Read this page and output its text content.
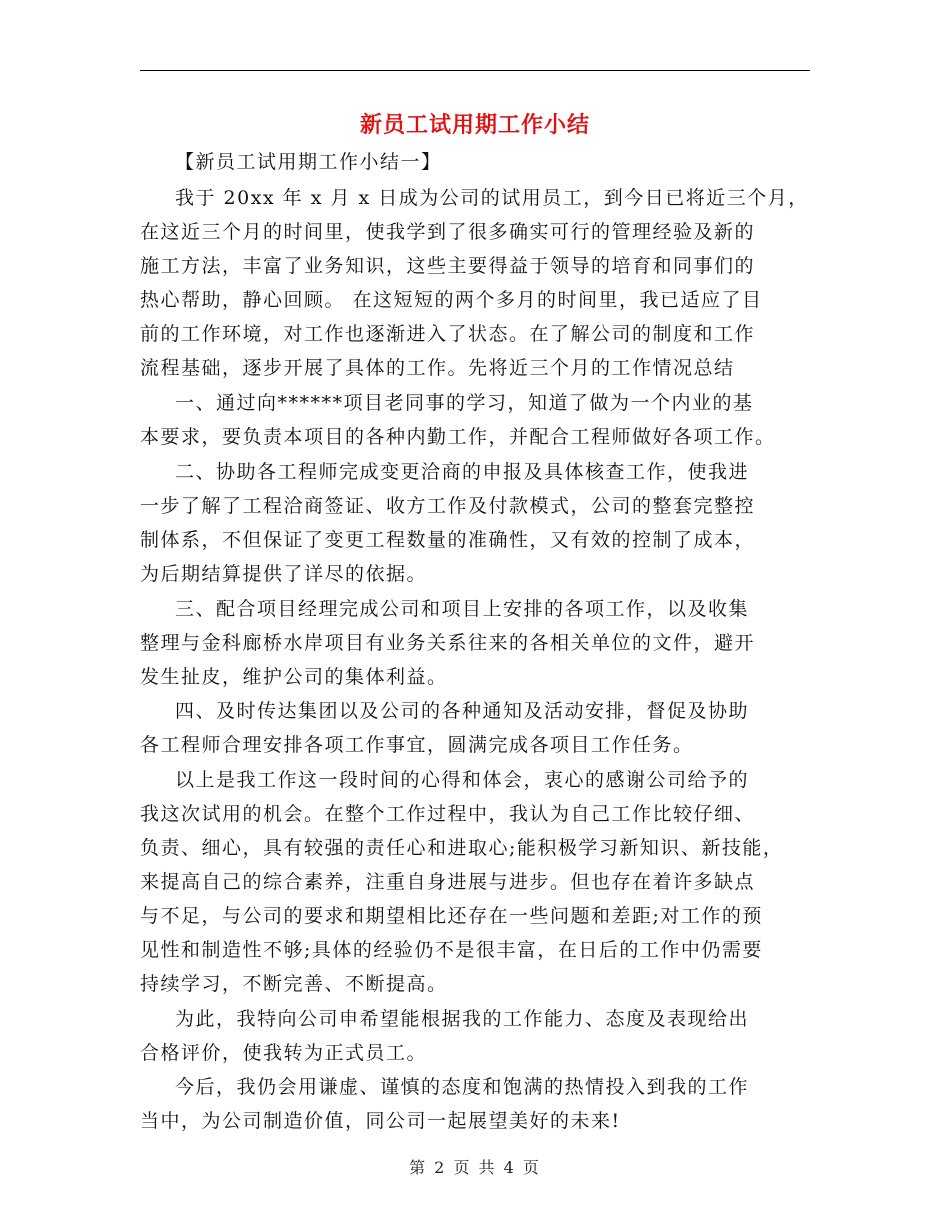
新员工试用期工作小结
【新员工试用期工作小结一】
我于 20xx 年 x 月 x 日成为公司的试用员工，到今日已将近三个月，
在这近三个月的时间里，使我学到了很多确实可行的管理经验及新的
施工方法，丰富了业务知识，这些主要得益于领导的培育和同事们的
热心帮助，静心回顾。 在这短短的两个多月的时间里，我已适应了目
前的工作环境，对工作也逐渐进入了状态。在了解公司的制度和工作
流程基础，逐步开展了具体的工作。先将近三个月的工作情况总结
一、通过向******项目老同事的学习，知道了做为一个内业的基
本要求，要负责本项目的各种内勤工作，并配合工程师做好各项工作。
二、协助各工程师完成变更洽商的申报及具体核查工作，使我进
一步了解了工程洽商签证、收方工作及付款模式，公司的整套完整控
制体系，不但保证了变更工程数量的准确性，又有效的控制了成本，
为后期结算提供了详尽的依据。
三、配合项目经理完成公司和项目上安排的各项工作，以及收集
整理与金科廊桥水岸项目有业务关系往来的各相关单位的文件，避开
发生扯皮，维护公司的集体利益。
四、及时传达集团以及公司的各种通知及活动安排，督促及协助
各工程师合理安排各项工作事宜，圆满完成各项目工作任务。
以上是我工作这一段时间的心得和体会，衷心的感谢公司给予的
我这次试用的机会。在整个工作过程中，我认为自己工作比较仔细、
负责、细心，具有较强的责任心和进取心;能积极学习新知识、新技能，
来提高自己的综合素养，注重自身进展与进步。但也存在着许多缺点
与不足，与公司的要求和期望相比还存在一些问题和差距;对工作的预
见性和制造性不够;具体的经验仍不是很丰富，在日后的工作中仍需要
持续学习，不断完善、不断提高。
为此，我特向公司申希望能根据我的工作能力、态度及表现给出
合格评价，使我转为正式员工。
今后，我仍会用谦虚、谨慎的态度和饱满的热情投入到我的工作
当中，为公司制造价值，同公司一起展望美好的未来!
第 2 页 共 4 页
